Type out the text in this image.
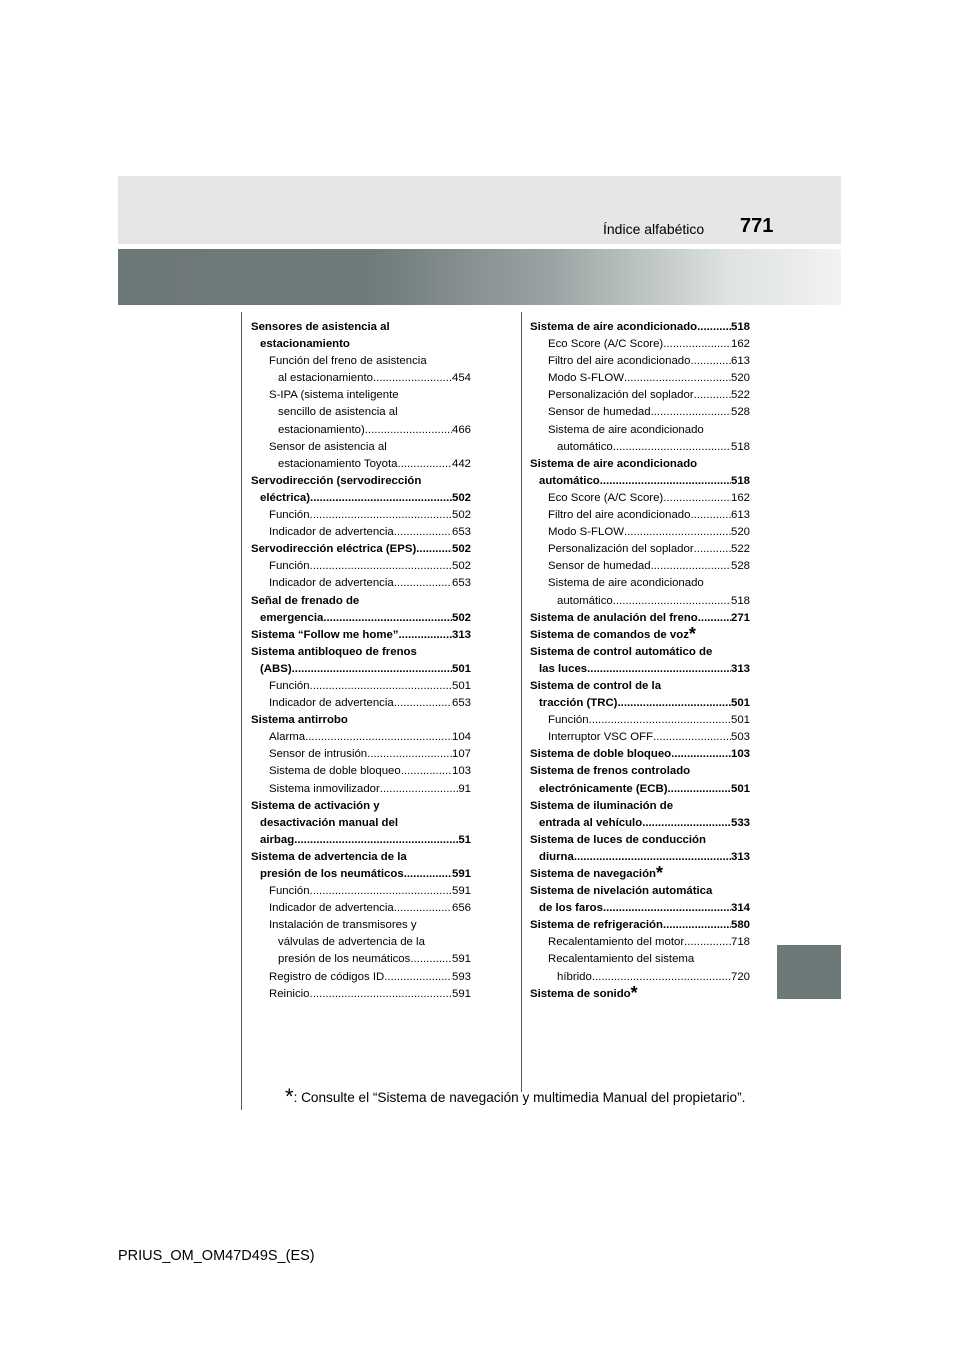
Índice alfabético 771
Sensores de asistencia al
estacionamiento
Función del freno de asistencia
al estacionamiento .....	454
S-IPA (sistema inteligente
sencillo de asistencia al
estacionamiento) .....	466
Sensor de asistencia al
estacionamiento Toyota .....	442
Servodirección (servodirección
eléctrica) .....	502
Función .....	502
Indicador de advertencia .....	653
Servodirección eléctrica (EPS) .....	502
Función .....	502
Indicador de advertencia .....	653
Señal de frenado de
emergencia .....	502
Sistema “Follow me home” .....	313
Sistema antibloqueo de frenos
(ABS) .....	501
Función .....	501
Indicador de advertencia .....	653
Sistema antirrobo
Alarma .....	104
Sensor de intrusión .....	107
Sistema de doble bloqueo .....	103
Sistema inmovilizador .....	91
Sistema de activación y
desactivación manual del
airbag .....	51
Sistema de advertencia de la
presión de los neumáticos .....	591
Función .....	591
Indicador de advertencia .....	656
Instalación de transmisores y
válvulas de advertencia de la
presión de los neumáticos .....	591
Registro de códigos ID .....	593
Reinicio .....	591
Sistema de aire acondicionado .....	518
Eco Score (A/C Score) .....	162
Filtro del aire acondicionado .....	613
Modo S-FLOW .....	520
Personalización del soplador .....	522
Sensor de humedad .....	528
Sistema de aire acondicionado
automático .....	518
Sistema de aire acondicionado
automático .....	518
Eco Score (A/C Score) .....	162
Filtro del aire acondicionado .....	613
Modo S-FLOW .....	520
Personalización del soplador .....	522
Sensor de humedad .....	528
Sistema de aire acondicionado
automático .....	518
Sistema de anulación del freno .....	271
Sistema de comandos de voz *
Sistema de control automático de
las luces .....	313
Sistema de control de la
tracción (TRC) .....	501
Función .....	501
Interruptor VSC OFF .....	503
Sistema de doble bloqueo .....	103
Sistema de frenos controlado
electrónicamente (ECB) .....	501
Sistema de iluminación de
entrada al vehículo .....	533
Sistema de luces de conducción
diurna .....	313
Sistema de navegación *
Sistema de nivelación automática
de los faros .....	314
Sistema de refrigeración .....	580
Recalentamiento del motor .....	718
Recalentamiento del sistema
híbrido .....	720
Sistema de sonido *
*: Consulte el “Sistema de navegación y multimedia Manual del propietario”.
PRIUS_OM_OM47D49S_(ES)
